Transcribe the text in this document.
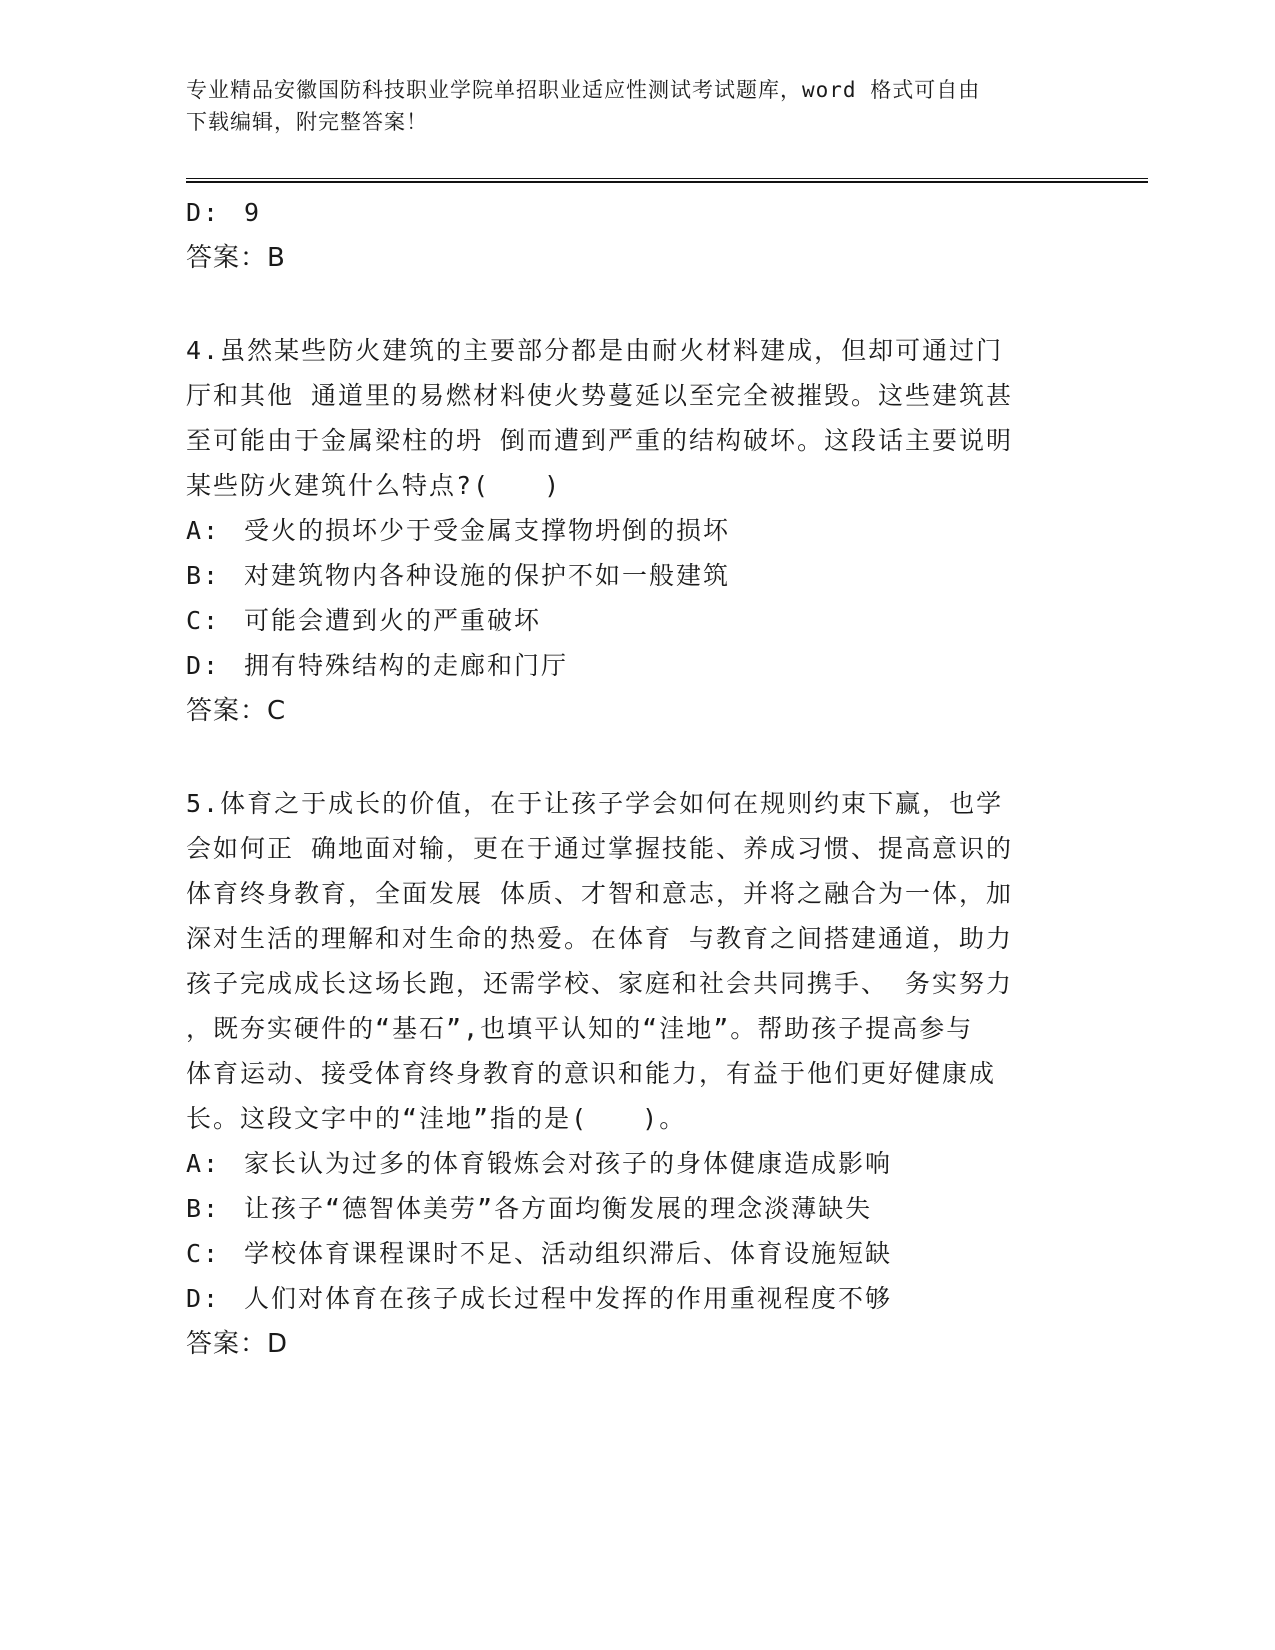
专业精品安徽国防科技职业学院单招职业适应性测试考试题库，word 格式可自由
下载编辑，附完整答案！
D: 9
答案：B
4.虽然某些防火建筑的主要部分都是由耐火材料建成，但却可通过门
厅和其他 通道里的易燃材料使火势蔓延以至完全被摧毁。这些建筑甚
至可能由于金属梁柱的坍 倒而遭到严重的结构破坏。这段话主要说明
某些防火建筑什么特点?(　　)
A: 受火的损坏少于受金属支撑物坍倒的损坏
B: 对建筑物内各种设施的保护不如一般建筑
C: 可能会遭到火的严重破坏
D: 拥有特殊结构的走廊和门厅
答案：C
5.体育之于成长的价值，在于让孩子学会如何在规则约束下赢，也学
会如何正 确地面对输，更在于通过掌握技能、养成习惯、提高意识的
体育终身教育，全面发展 体质、才智和意志，并将之融合为一体，加
深对生活的理解和对生命的热爱。在体育 与教育之间搭建通道，助力
孩子完成成长这场长跑，还需学校、家庭和社会共同携手、 务实努力
，既夯实硬件的“基石”,也填平认知的“洼地”。帮助孩子提高参与
体育运动、接受体育终身教育的意识和能力，有益于他们更好健康成
长。这段文字中的“洼地”指的是(　　)。
A: 家长认为过多的体育锻炼会对孩子的身体健康造成影响
B: 让孩子“德智体美劳”各方面均衡发展的理念淡薄缺失
C: 学校体育课程课时不足、活动组织滞后、体育设施短缺
D: 人们对体育在孩子成长过程中发挥的作用重视程度不够
答案：D
